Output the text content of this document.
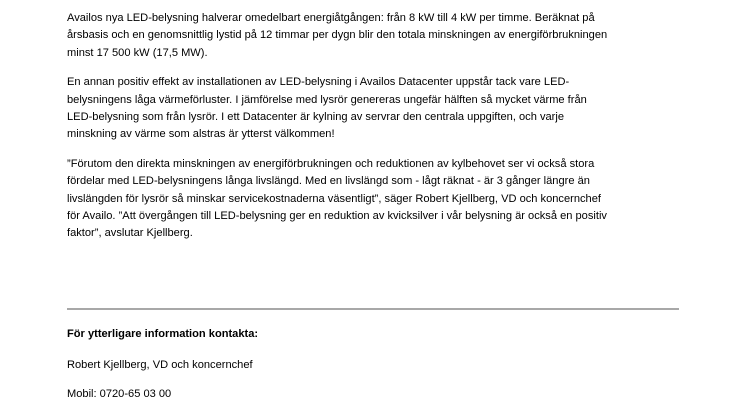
Availos nya LED-belysning halverar omedelbart energiåtgången: från 8 kW till 4 kW per timme. Beräknat på
årsbasis och en genomsnittlig lystid på 12 timmar per dygn blir den totala minskningen av energiförbrukningen
minst 17 500 kW (17,5 MW).

En annan positiv effekt av installationen av LED-belysning i Availos Datacenter uppstår tack vare LED-
belysningens låga värmeförluster. I jämförelse med lysrör genereras ungefär hälften så mycket värme från
LED-belysning som från lysrör. I ett Datacenter är kylning av servrar den centrala uppgiften, och varje
minskning av värme som alstras är ytterst välkommen!

”Förutom den direkta minskningen av energiförbrukningen och reduktionen av kylbehovet ser vi också stora
fördelar med LED-belysningens långa livslängd. Med en livslängd som - lågt räknat - är 3 gånger längre än
livslängden för lysrör så minskar servicekostnaderna väsentligt”, säger Robert Kjellberg, VD och koncernchef
för Availo. ”Att övergången till LED-belysning ger en reduktion av kvicksilver i vår belysning är också en positiv
faktor”, avslutar Kjellberg.

För ytterligare information kontakta:

Robert Kjellberg, VD och koncernchef

Mobil: 0720-65 03 00
